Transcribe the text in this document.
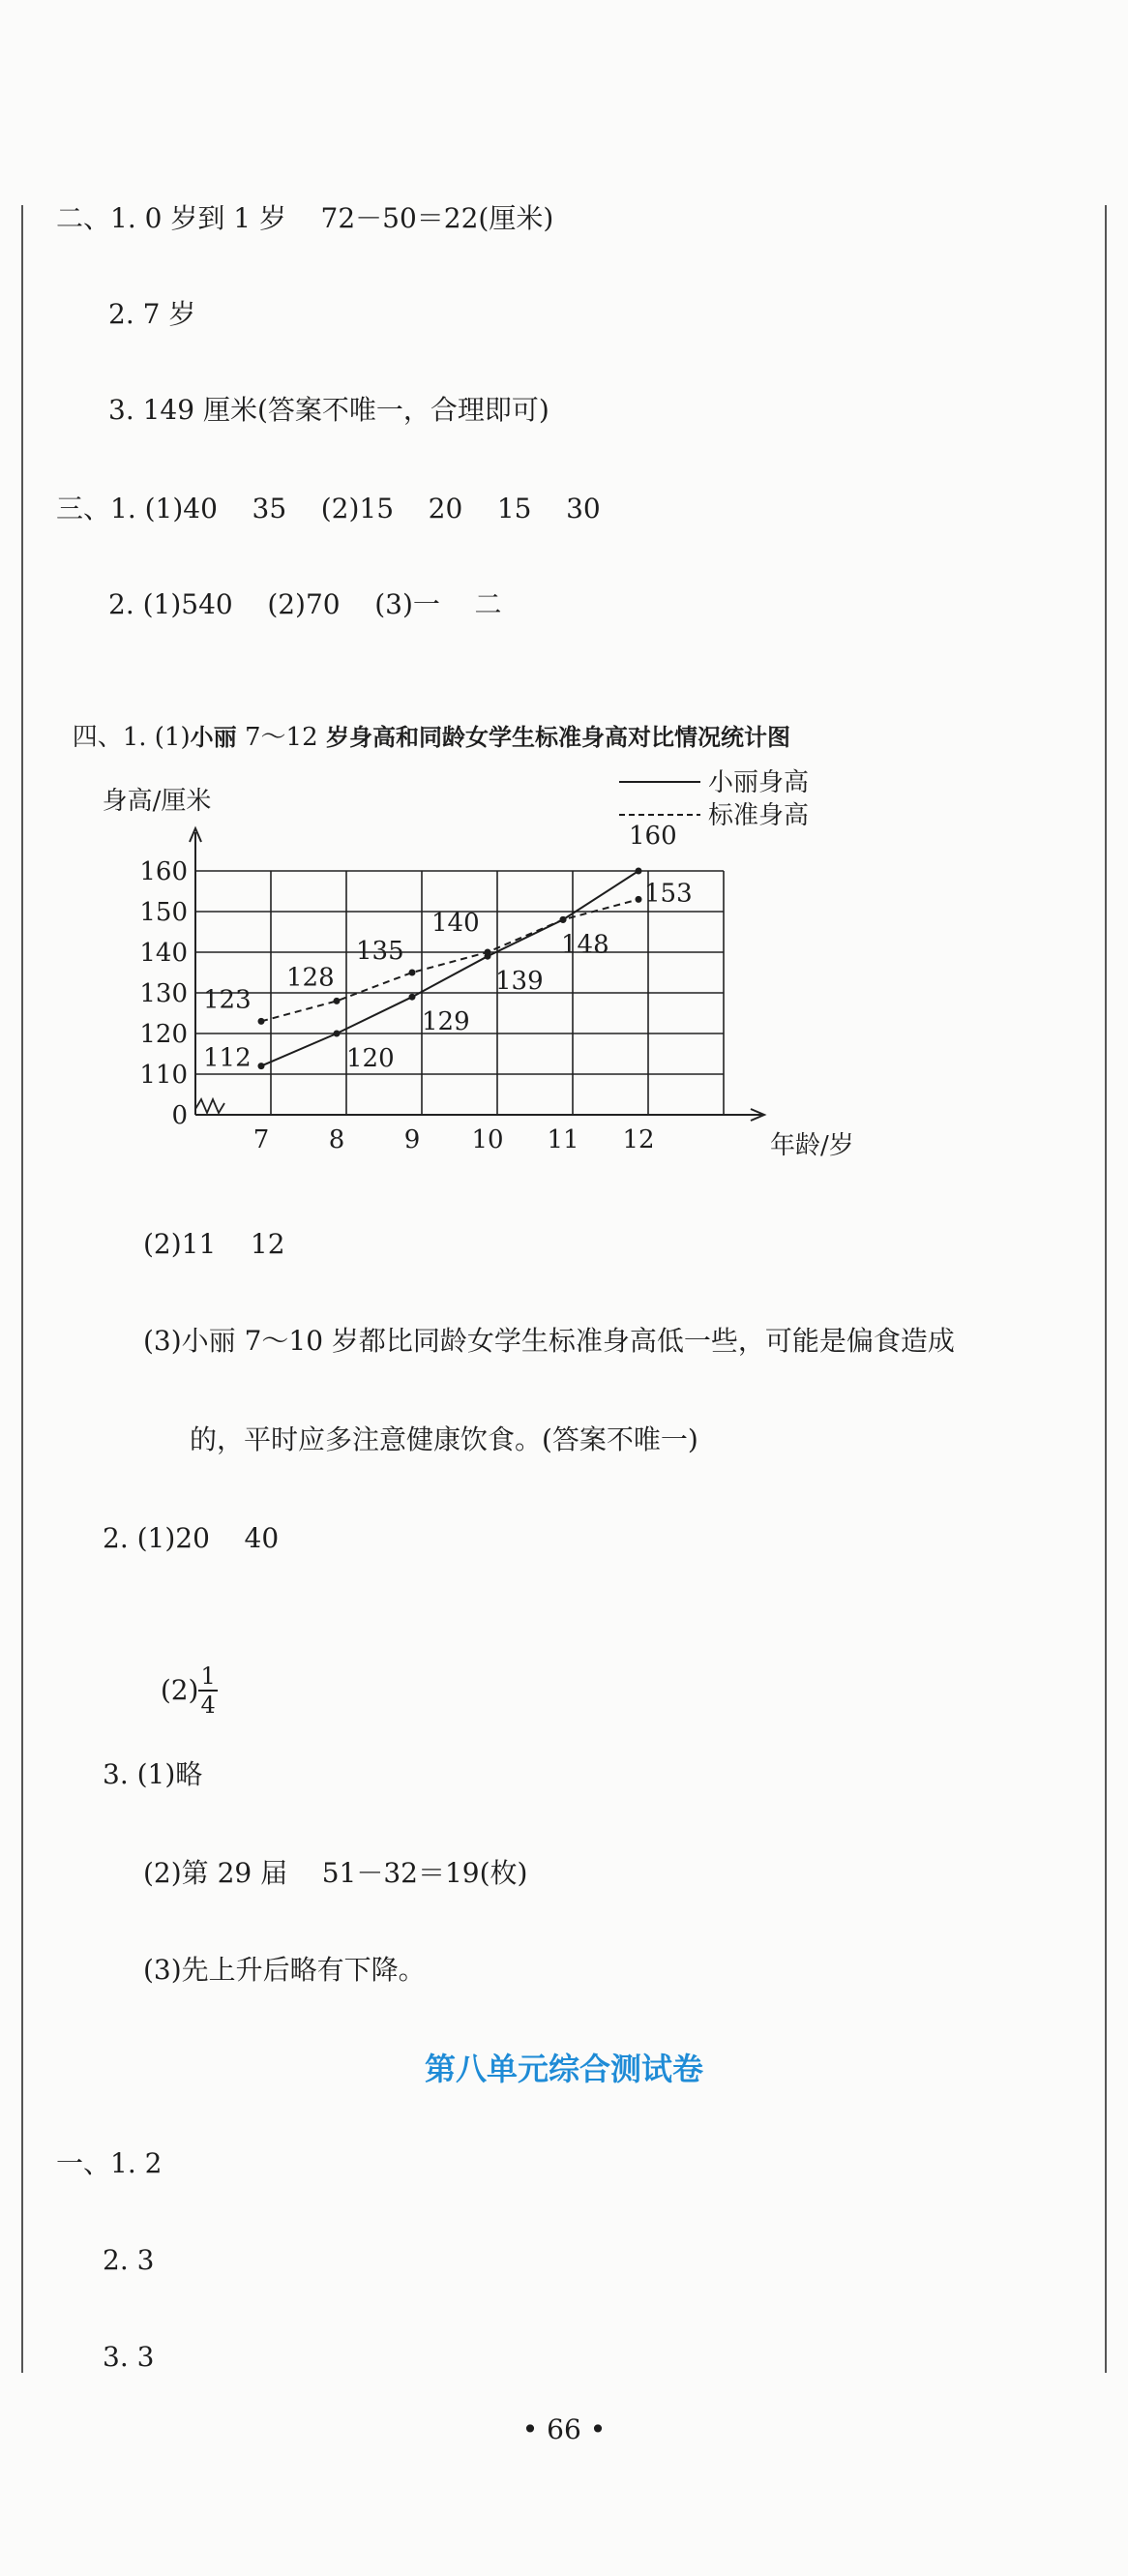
二、1. 0 岁到 1 岁    72－50＝22(厘米)
2. 7 岁
3. 149 厘米(答案不唯一，合理即可)
三、1. (1)40    35    (2)15    20    15    30
2. (1)540    (2)70    (3)一    二

四、1. (1)小丽 7～12 岁身高和同龄女学生标准身高对比情况统计图

0
110
120
130
140
150
160
7 8 9 10 11 12
身高/厘米
年龄/岁
112	120
129
139
148
160
123
128
135
140
153
小丽身高
标准身高
(2)11    12
(3)小丽 7～10 岁都比同龄女学生标准身高低一些，可能是偏食造成
的，平时应多注意健康饮食。(答案不唯一)
2. (1)20    40

$(2) \frac{1}{4}$

3. (1)略
(2)第 29 届    51－32＝19(枚)
(3)先上升后略有下降。
第八单元综合测试卷
一、1. 2
2. 3
3. 3
• 66 •
